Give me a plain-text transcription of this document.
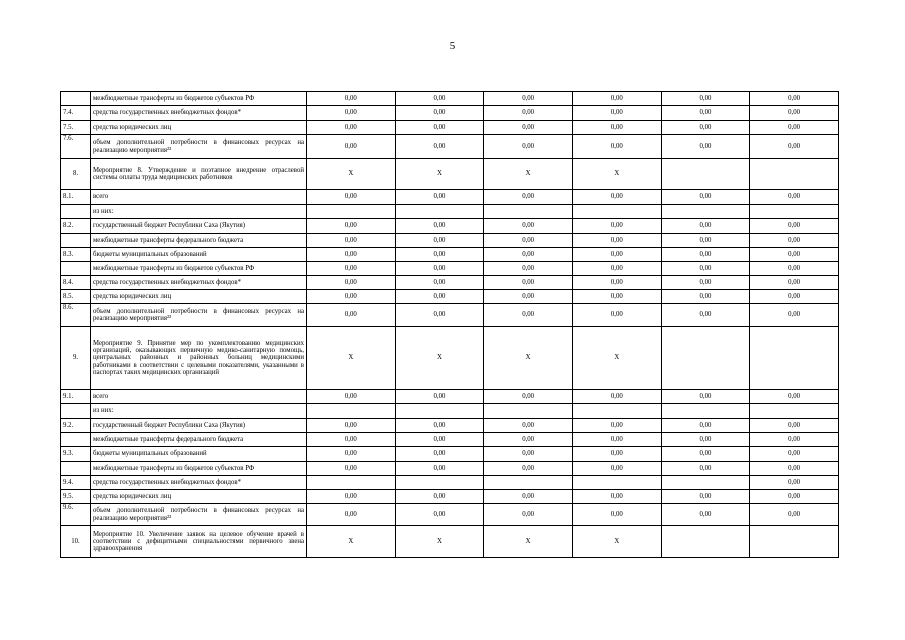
5
	межбюджетные трансферты из бюджетов субъектов РФ	0,00	0,00	0,00	0,00	0,00	0,00
7.4.	средства государственных внебюджетных фондов*	0,00	0,00	0,00	0,00	0,00	0,00
7.5.	средства юридических лиц	0,00	0,00	0,00	0,00	0,00	0,00
7.6.	объем дополнительной потребности в финансовых ресурсах на реализацию мероприятия²³	0,00	0,00	0,00	0,00	0,00	0,00
8.	Мероприятие 8. Утверждение и поэтапное внедрение отраслевой системы оплаты труда медицинских работников	X	X	X	X		
8.1.	всего	0,00	0,00	0,00	0,00	0,00	0,00
	из них:						
8.2.	государственный бюджет Республики Саха (Якутия)	0,00	0,00	0,00	0,00	0,00	0,00
	межбюджетные трансферты федерального бюджета	0,00	0,00	0,00	0,00	0,00	0,00
8.3.	бюджеты муниципальных образований	0,00	0,00	0,00	0,00	0,00	0,00
	межбюджетные трансферты из бюджетов субъектов РФ	0,00	0,00	0,00	0,00	0,00	0,00
8.4.	средства государственных внебюджетных фондов*	0,00	0,00	0,00	0,00	0,00	0,00
8.5.	средства юридических лиц	0,00	0,00	0,00	0,00	0,00	0,00
8.6.	объем дополнительной потребности в финансовых ресурсах на реализацию мероприятия²³	0,00	0,00	0,00	0,00	0,00	0,00
9.	Мероприятие 9. Принятие мер по укомплектованию медицинских организаций, оказывающих первичную медико-санитарную помощь, центральных районных и районных больниц медицинскими работниками в соответствии с целевыми показателями, указанными в паспортах таких медицинских организаций	X	X	X	X		
9.1.	всего	0,00	0,00	0,00	0,00	0,00	0,00
	из них:						
9.2.	государственный бюджет Республики Саха (Якутия)	0,00	0,00	0,00	0,00	0,00	0,00
	межбюджетные трансферты федерального бюджета	0,00	0,00	0,00	0,00	0,00	0,00
9.3.	бюджеты муниципальных образований	0,00	0,00	0,00	0,00	0,00	0,00
	межбюджетные трансферты из бюджетов субъектов РФ	0,00	0,00	0,00	0,00	0,00	0,00
9.4.	средства государственных внебюджетных фондов*						0,00
9.5.	средства юридических лиц	0,00	0,00	0,00	0,00	0,00	0,00
9.6.	объем дополнительной потребности в финансовых ресурсах на реализацию мероприятия²³	0,00	0,00	0,00	0,00	0,00	0,00
10.	Мероприятие 10. Увеличение заявок на целевое обучение врачей в соответствии с дефицитными специальностями первичного звена здравоохранения	X	X	X	X		
